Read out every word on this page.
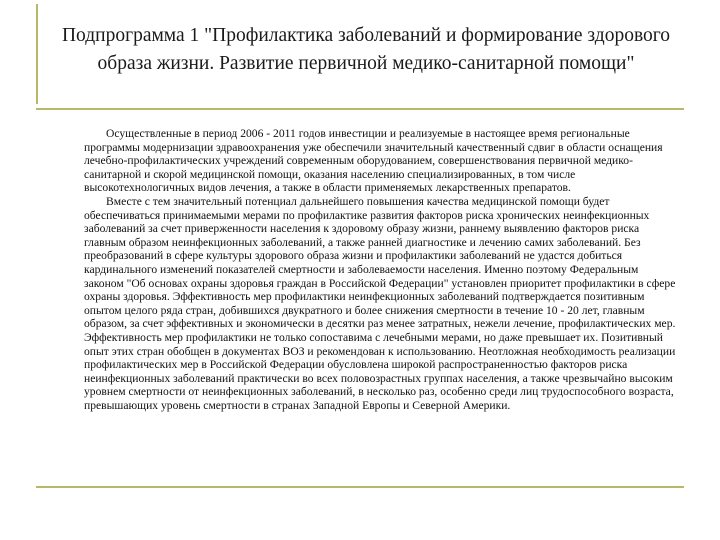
Подпрограмма 1 "Профилактика заболеваний и формирование здорового образа жизни. Развитие первичной медико-санитарной помощи"

Осуществленные в период 2006 - 2011 годов инвестиции и реализуемые в настоящее время региональные программы модернизации здравоохранения уже обеспечили значительный качественный сдвиг в области оснащения лечебно-профилактических учреждений современным оборудованием, совершенствования первичной медико-санитарной и скорой медицинской помощи, оказания населению специализированных, в том числе высокотехнологичных видов лечения, а также в области применяемых лекарственных препаратов.

Вместе с тем значительный потенциал дальнейшего повышения качества медицинской помощи будет обеспечиваться принимаемыми мерами по профилактике развития факторов риска хронических неинфекционных заболеваний за счет приверженности населения к здоровому образу жизни, раннему выявлению факторов риска главным образом неинфекционных заболеваний, а также ранней диагностике и лечению самих заболеваний. Без преобразований в сфере культуры здорового образа жизни и профилактики заболеваний не удастся добиться кардинального изменений показателей смертности и заболеваемости населения. Именно поэтому Федеральным законом "Об основах охраны здоровья граждан в Российской Федерации" установлен приоритет профилактики в сфере охраны здоровья. Эффективность мер профилактики неинфекционных заболеваний подтверждается позитивным опытом целого ряда стран, добившихся двукратного и более снижения смертности в течение 10 - 20 лет, главным образом, за счет эффективных и экономически в десятки раз менее затратных, нежели лечение, профилактических мер. Эффективность мер профилактики не только сопоставима с лечебными мерами, но даже превышает их. Позитивный опыт этих стран обобщен в документах ВОЗ и рекомендован к использованию. Неотложная необходимость реализации профилактических мер в Российской Федерации обусловлена широкой распространенностью факторов риска неинфекционных заболеваний практически во всех половозрастных группах населения, а также чрезвычайно высоким уровнем смертности от неинфекционных заболеваний, в несколько раз, особенно среди лиц трудоспособного возраста, превышающих уровень смертности в странах Западной Европы и Северной Америки.
